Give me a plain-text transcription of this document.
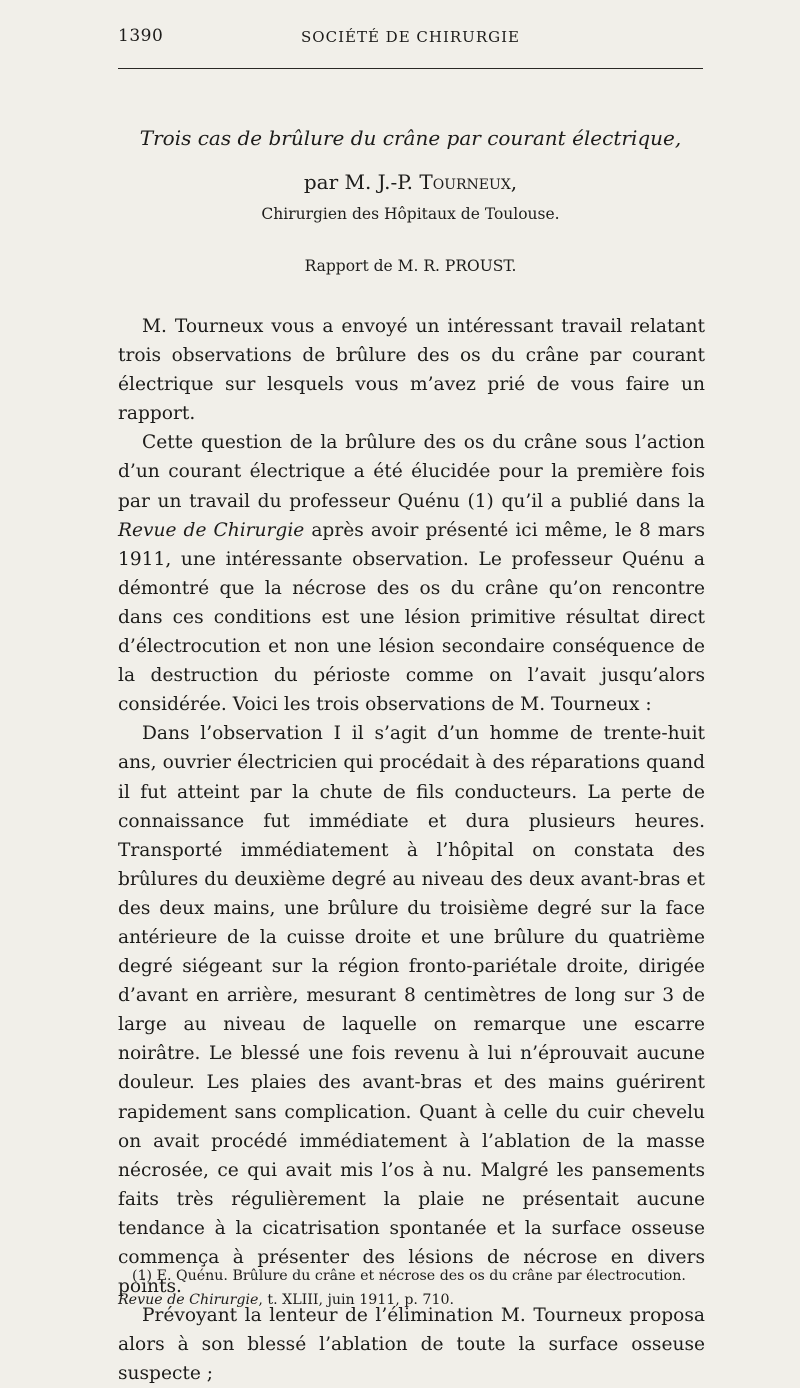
1390	SOCIÉTÉ DE CHIRURGIE
Trois cas de brûlure du crâne par courant électrique,
par M. J.-P. Tourneux,
Chirurgien des Hôpitaux de Toulouse.
Rapport de M. R. PROUST.

M. Tourneux vous a envoyé un intéressant travail relatant trois observations de brûlure des os du crâne par courant électrique sur lesquels vous m’avez prié de vous faire un rapport.

Cette question de la brûlure des os du crâne sous l’action d’un courant électrique a été élucidée pour la première fois par un travail du professeur Quénu (1) qu’il a publié dans la Revue de Chirurgie après avoir présenté ici même, le 8 mars 1911, une intéressante observation. Le professeur Quénu a démontré que la nécrose des os du crâne qu’on rencontre dans ces conditions est une lésion primitive résultat direct d’électrocution et non une lésion secondaire conséquence de la destruction du périoste comme on l’avait jusqu’alors considérée. Voici les trois observations de M. Tourneux :

Dans l’observation I il s’agit d’un homme de trente-huit ans, ouvrier électricien qui procédait à des réparations quand il fut atteint par la chute de fils conducteurs. La perte de connaissance fut immédiate et dura plusieurs heures. Transporté immédiatement à l’hôpital on constata des brûlures du deuxième degré au niveau des deux avant-bras et des deux mains, une brûlure du troisième degré sur la face antérieure de la cuisse droite et une brûlure du quatrième degré siégeant sur la région fronto-pariétale droite, dirigée d’avant en arrière, mesurant 8 centimètres de long sur 3 de large au niveau de laquelle on remarque une escarre noirâtre. Le blessé une fois revenu à lui n’éprouvait aucune douleur. Les plaies des avant-bras et des mains guérirent rapidement sans complication. Quant à celle du cuir chevelu on avait procédé immédiatement à l’ablation de la masse nécrosée, ce qui avait mis l’os à nu. Malgré les pansements faits très régulièrement la plaie ne présentait aucune tendance à la cicatrisation spontanée et la surface osseuse commença à présenter des lésions de nécrose en divers points.

Prévoyant la lenteur de l’élimination M. Tourneux proposa alors à son blessé l’ablation de toute la surface osseuse suspecte ;

(1) E. Quénu. Brûlure du crâne et nécrose des os du crâne par électrocution. Revue de Chirurgie, t. XLIII, juin 1911, p. 710.
